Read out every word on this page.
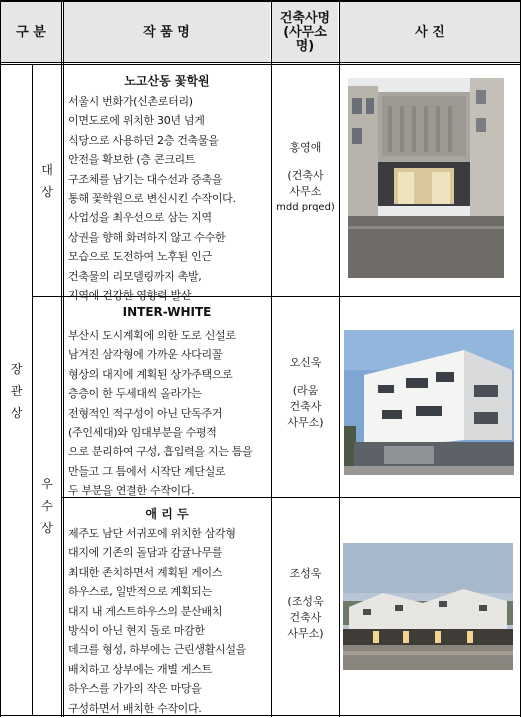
구 분	작 품 명
건축사명
(사무소
명)
사 진
장
관
상
대
상
우
수
상
노고산동 꽃학원
서울시 번화가(신촌로터리)
이면도로에 위치한 30년 넘게
식당으로 사용하던 2층 건축물을
안전을 확보한 (층 콘크리트
구조체를 남기는 대수선과 증축을
통해 꽃학원으로 변신시킨 수작이다.
사업성을 최우선으로 삼는 지역
상권을 향해 화려하지 않고 수수한
모습으로 도전하여 노후된 인근
건축물의 리모델링까지 촉발,
지역에 건강한 영향력 발산
홍영애
(건축사
사무소
mdd prqed)
INTER-WHITE
부산시 도시계획에 의한 도로 신설로
남겨진 삼각형에 가까운 사다리꼴
형상의 대지에 계획된 상가주택으로
층층이 한 두세대씩 올라가는
전형적인 적구성이 아닌 단독주거
(주인세대)와 임대부분을 수평적
으로 분리하여 구성, 흡입력을 지는 틈을
만들고 그 틈에서 시작단 계단실로
두 부분을 연결한 수작이다.
오신욱
(라움
건축사
사무소)
애 리 두
제주도 남단 서귀포에 위치한 삼각형
대지에 기존의 돌담과 감귤나무를
최대한 존치하면서 계획된 게이스
하우스로, 일반적으로 계획되는
대지 내 게스트하우스의 분산배치
방식이 아닌 현지 돌로 마감한
데크를 형성, 하부에는 근린생활시설을
배치하고 상부에는 개별 게스트
하우스를 가가의 작은 마당을
구성하면서 배치한 수작이다.
조성욱
(조성욱
건축사
사무소)
